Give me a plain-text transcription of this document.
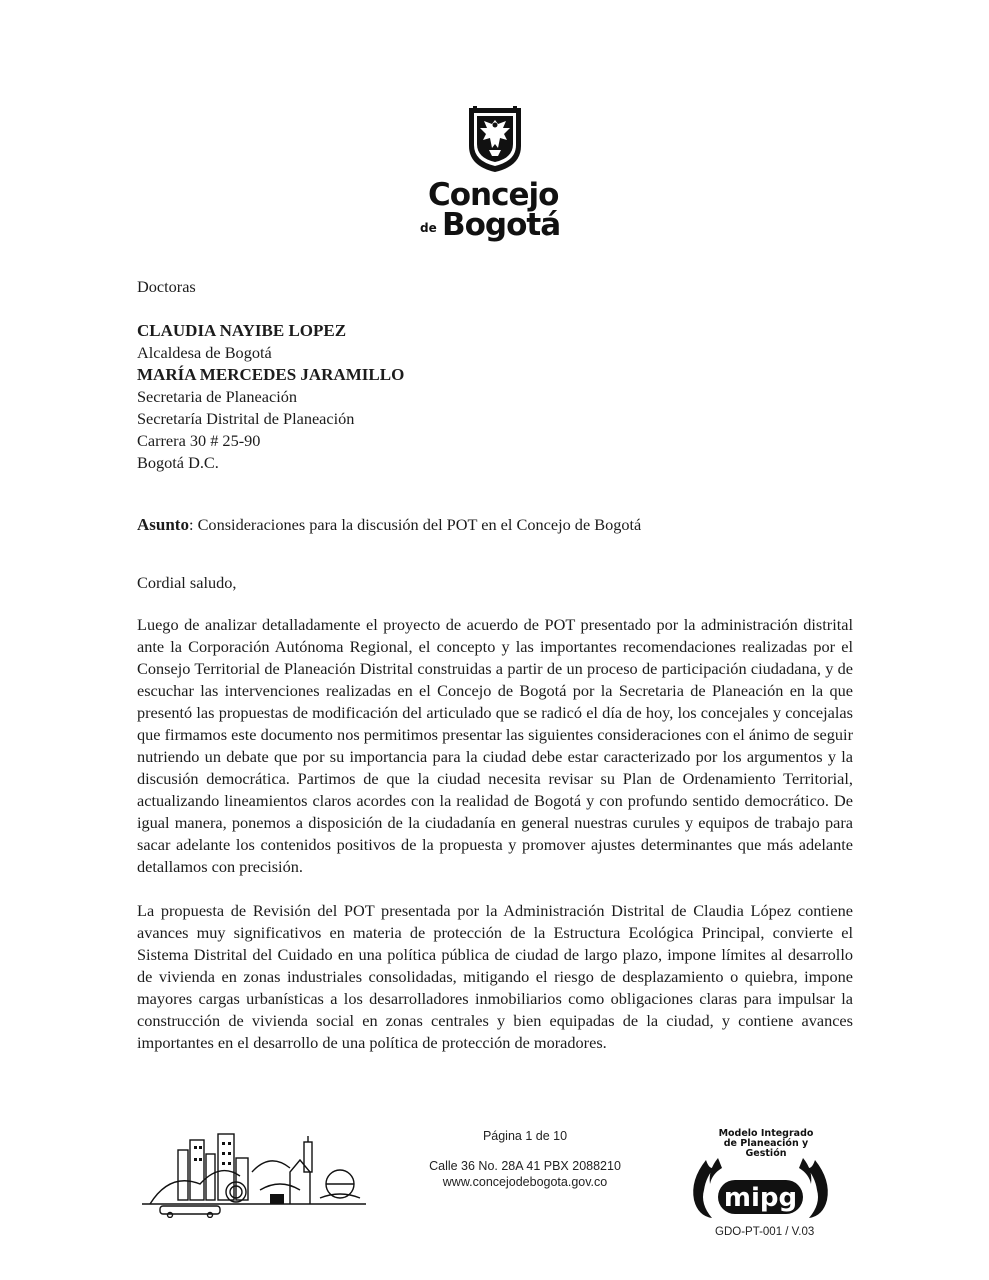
Concejo
de Bogotá

Doctoras

CLAUDIA NAYIBE LOPEZ

Alcaldesa de Bogotá

MARÍA MERCEDES JARAMILLO

Secretaria de Planeación

Secretaría Distrital de Planeación

Carrera 30 # 25-90

Bogotá D.C.

Asunto: Consideraciones para la discusión del POT en el Concejo de Bogotá

Cordial saludo,

Luego de analizar detalladamente el proyecto de acuerdo de POT presentado por la administración distrital ante la Corporación Autónoma Regional, el concepto y las importantes recomendaciones realizadas por el Consejo Territorial de Planeación Distrital construidas a partir de un proceso de participación ciudadana, y de escuchar las intervenciones realizadas en el Concejo de Bogotá por la Secretaria de Planeación en la que presentó las propuestas de modificación del articulado que se radicó el día de hoy, los concejales y concejalas que firmamos este documento nos permitimos presentar las siguientes consideraciones con el ánimo de seguir nutriendo un debate que por su importancia para la ciudad debe estar caracterizado por los argumentos y la discusión democrática. Partimos de que la ciudad necesita revisar su Plan de Ordenamiento Territorial, actualizando lineamientos claros acordes con la realidad de Bogotá y con profundo sentido democrático. De igual manera, ponemos a disposición de la ciudadanía en general nuestras curules y equipos de trabajo para sacar adelante los contenidos positivos de la propuesta y promover ajustes determinantes que más adelante detallamos con precisión.

La propuesta de Revisión del POT presentada por la Administración Distrital de Claudia López contiene avances muy significativos en materia de protección de la Estructura Ecológica Principal, convierte el Sistema Distrital del Cuidado en una política pública de ciudad de largo plazo, impone límites al desarrollo de vivienda en zonas industriales consolidadas, mitigando el riesgo de desplazamiento o quiebra, impone mayores cargas urbanísticas a los desarrolladores inmobiliarios como obligaciones claras para impulsar la construcción de vivienda social en zonas centrales y bien equipadas de la ciudad, y contiene avances importantes en el desarrollo de una política de protección de moradores.

Página 1 de 10
Calle 36 No. 28A 41 PBX 2088210
www.concejodebogota.gov.co
Modelo Integrado
de Planeación y
Gestión
mipg
GDO-PT-001 / V.03
